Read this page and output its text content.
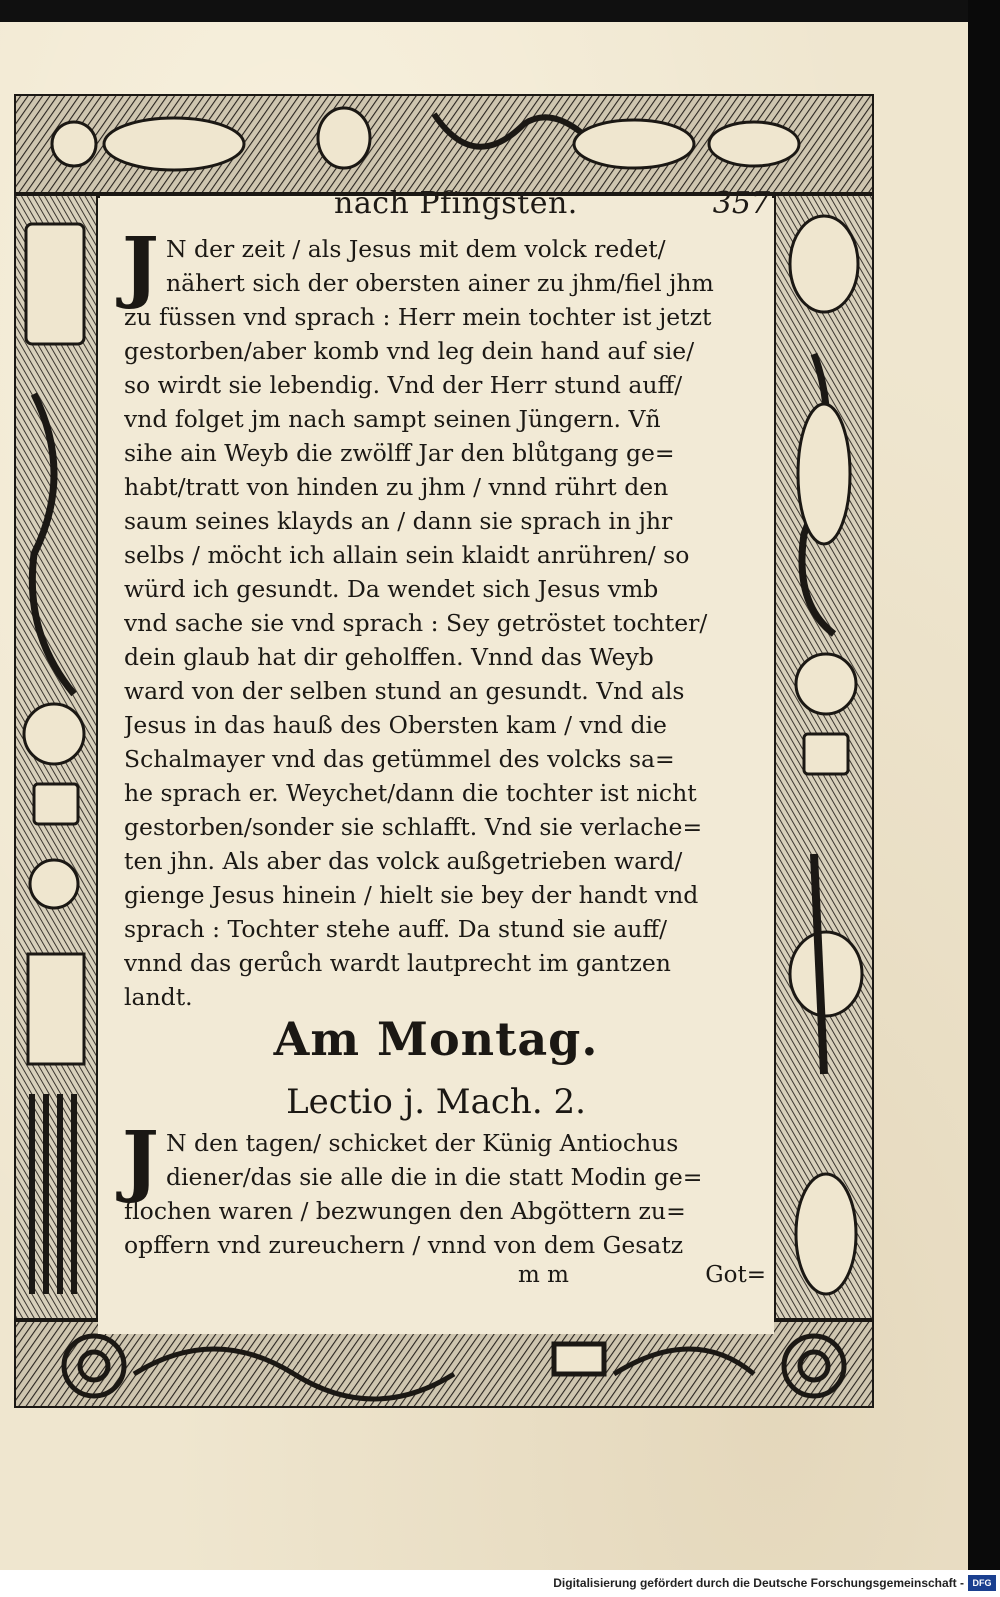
nach Pfingsten.	357
J N der zeit / als Jesus mit dem volck redet/
nähert sich der obersten ainer zu jhm/fiel jhm
zu füssen vnd sprach : Herr mein tochter ist jetzt
gestorben/aber komb vnd leg dein hand auf sie/
so wirdt sie lebendig. Vnd der Herr stund auff/
vnd folget jm nach sampt seinen Jüngern. Vñ
sihe ain Weyb die zwölff Jar den blůtgang ge=
habt/tratt von hinden zu jhm / vnnd rührt den
saum seines klayds an / dann sie sprach in jhr
selbs / möcht ich allain sein klaidt anrühren/ so
würd ich gesundt. Da wendet sich Jesus vmb
vnd sache sie vnd sprach : Sey getröstet tochter/
dein glaub hat dir geholffen. Vnnd das Weyb
ward von der selben stund an gesundt. Vnd als
Jesus in das hauß des Obersten kam / vnd die
Schalmayer vnd das getümmel des volcks sa=
he sprach er. Weychet/dann die tochter ist nicht
gestorben/sonder sie schlafft. Vnd sie verlache=
ten jhn. Als aber das volck außgetrieben ward/
gienge Jesus hinein / hielt sie bey der handt vnd
sprach : Tochter stehe auff. Da stund sie auff/
vnnd das gerůch wardt lautprecht im gantzen
landt.
Am Montag.
Lectio j. Mach. 2.
J N den tagen/ schicket der Künig Antiochus
diener/das sie alle die in die statt Modin ge=
flochen waren / bezwungen den Abgöttern zu=
opffern vnd zureuchern / vnnd von dem Gesatz
m m	Got=
Digitalisierung gefördert durch die Deutsche Forschungsgemeinschaft - DFG
